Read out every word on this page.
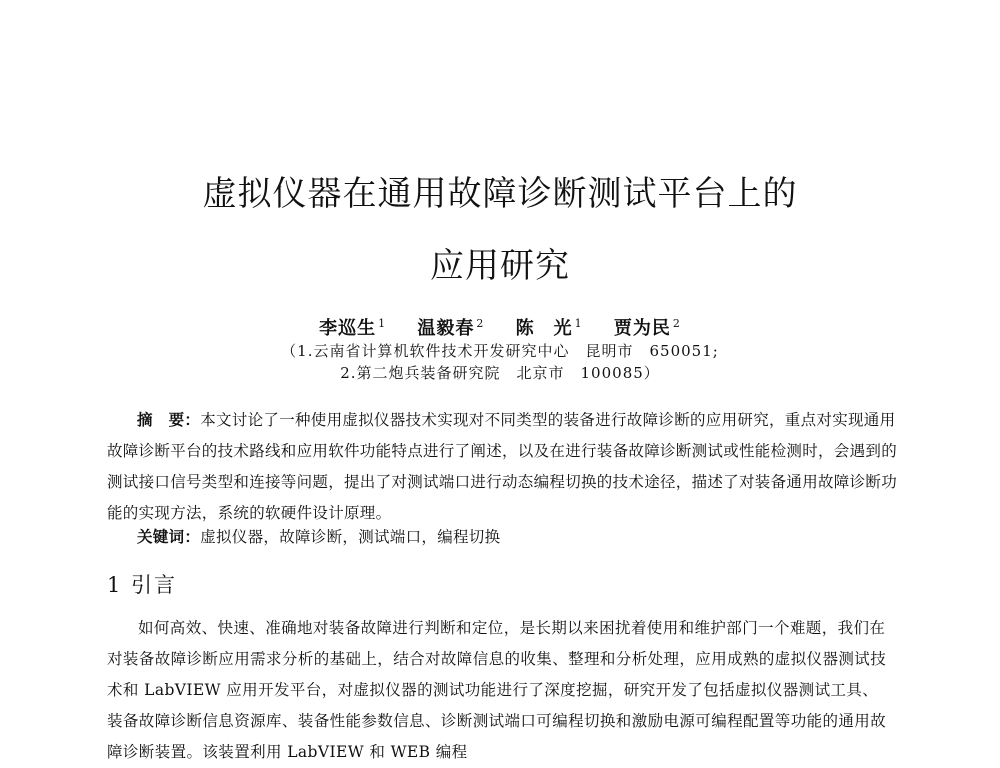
虚拟仪器在通用故障诊断测试平台上的
应用研究
李巡生 $^1$ 温毅春 $^2$ 陈　光 $^1$ 贾为民 $^2$
（1.云南省计算机软件技术开发研究中心　昆明市　650051;
2.第二炮兵装备研究院　北京市　100085）

摘　要：本文讨论了一种使用虚拟仪器技术实现对不同类型的装备进行故障诊断的应用研究，重点对实现通用故障诊断平台的技术路线和应用软件功能特点进行了阐述，以及在进行装备故障诊断测试或性能检测时，会遇到的测试接口信号类型和连接等问题，提出了对测试端口进行动态编程切换的技术途径，描述了对装备通用故障诊断功能的实现方法，系统的软硬件设计原理。

关键词：虚拟仪器，故障诊断，测试端口，编程切换
1 引言

如何高效、快速、准确地对装备故障进行判断和定位，是长期以来困扰着使用和维护部门一个难题，我们在对装备故障诊断应用需求分析的基础上，结合对故障信息的收集、整理和分析处理，应用成熟的虚拟仪器测试技术和 LabVIEW 应用开发平台，对虚拟仪器的测试功能进行了深度挖掘，研究开发了包括虚拟仪器测试工具、装备故障诊断信息资源库、装备性能参数信息、诊断测试端口可编程切换和激励电源可编程配置等功能的通用故障诊断装置。该装置利用 LabVIEW 和 WEB 编程
